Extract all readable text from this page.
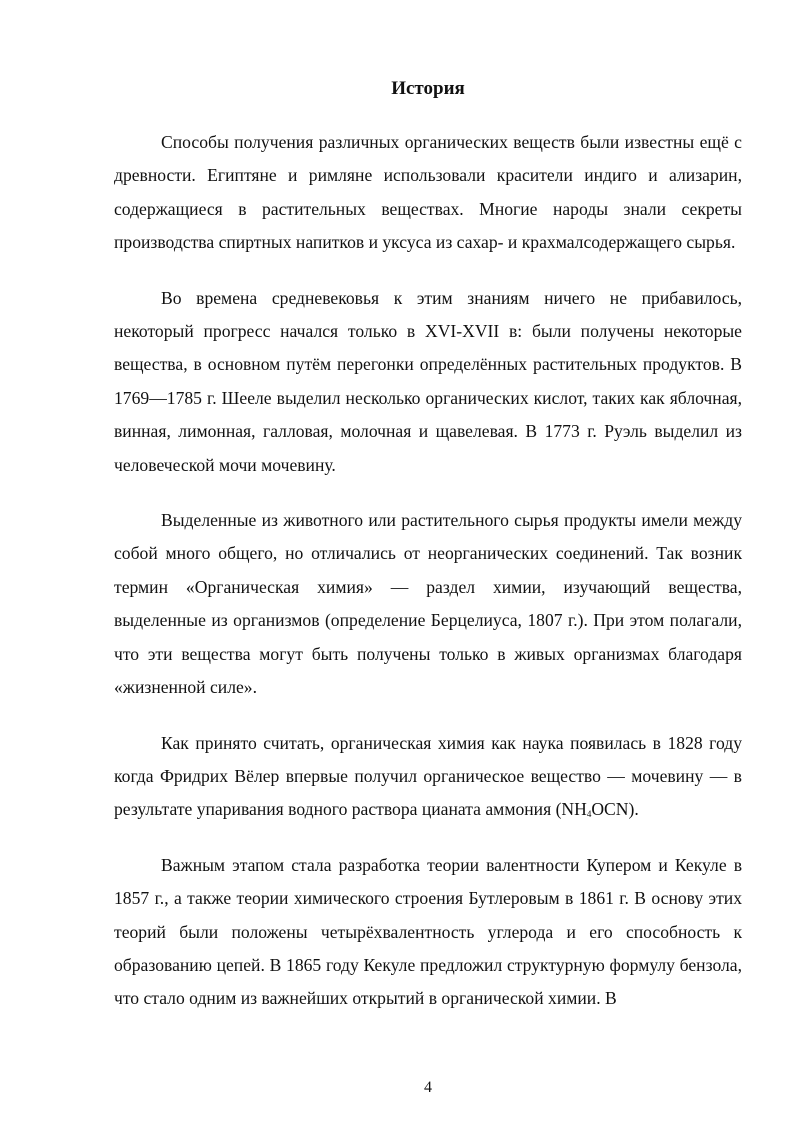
История

Способы получения различных органических веществ были известны ещё с древности. Египтяне и римляне использовали красители индиго и ализарин, содержащиеся в растительных веществах. Многие народы знали секреты производства спиртных напитков и уксуса из сахар- и крахмалсодержащего сырья.

Во времена средневековья к этим знаниям ничего не прибавилось, некоторый прогресс начался только в XVI-XVII в: были получены некоторые вещества, в основном путём перегонки определённых растительных продуктов. В 1769—1785 г. Шееле выделил несколько органических кислот, таких как яблочная, винная, лимонная, галловая, молочная и щавелевая. В 1773 г. Руэль выделил из человеческой мочи мочевину.

Выделенные из животного или растительного сырья продукты имели между собой много общего, но отличались от неорганических соединений. Так возник термин «Органическая химия» — раздел химии, изучающий вещества, выделенные из организмов (определение Берцелиуса, 1807 г.). При этом полагали, что эти вещества могут быть получены только в живых организмах благодаря «жизненной силе».

Как принято считать, органическая химия как наука появилась в 1828 году когда Фридрих Вёлер впервые получил органическое вещество — мочевину — в результате упаривания водного раствора цианата аммония $(NH_4OCN)$.

Важным этапом стала разработка теории валентности Купером и Кекуле в 1857 г., а также теории химического строения Бутлеровым в 1861 г. В основу этих теорий были положены четырёхвалентность углерода и его способность к образованию цепей. В 1865 году Кекуле предложил структурную формулу бензола, что стало одним из важнейших открытий в органической химии. В

4
